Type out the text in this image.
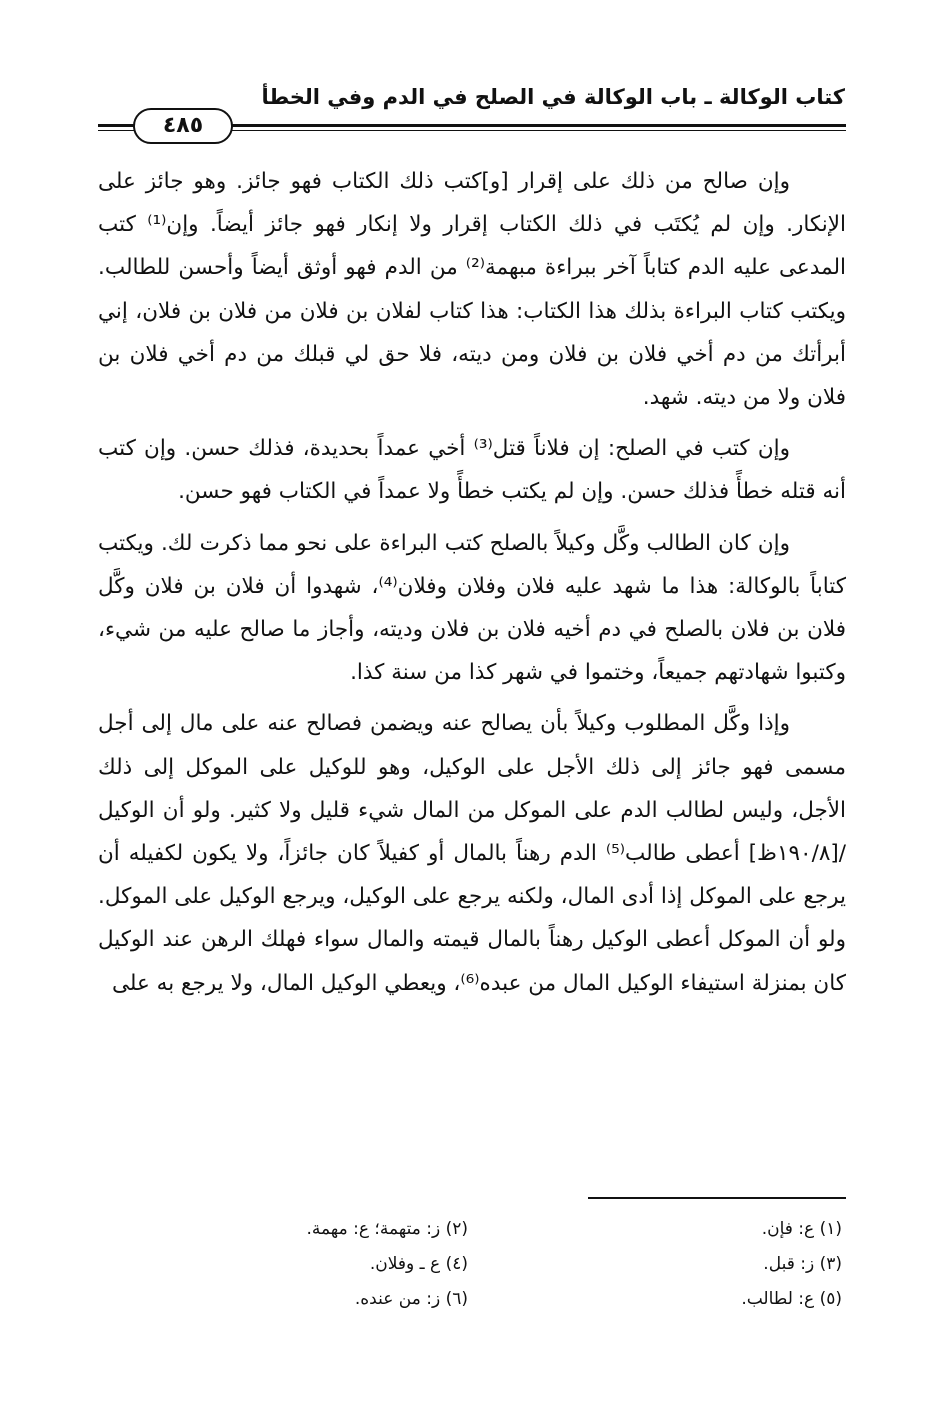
كتاب الوكالة ـ باب الوكالة في الصلح في الدم وفي الخطأ
٤٨٥

وإن صالح من ذلك على إقرار [و]كتب ذلك الكتاب فهو جائز. وهو جائز على الإنكار. وإن لم يُكتَب في ذلك الكتاب إقرار ولا إنكار فهو جائز أيضاً. وإن⁽¹⁾ كتب المدعى عليه الدم كتاباً آخر ببراءة مبهمة⁽²⁾ من الدم فهو أوثق أيضاً وأحسن للطالب. ويكتب كتاب البراءة بذلك هذا الكتاب: هذا كتاب لفلان بن فلان من فلان بن فلان، إني أبرأتك من دم أخي فلان بن فلان ومن ديته، فلا حق لي قبلك من دم أخي فلان بن فلان ولا من ديته. شهد.

وإن كتب في الصلح: إن فلاناً قتل⁽³⁾ أخي عمداً بحديدة، فذلك حسن. وإن كتب أنه قتله خطأً فذلك حسن. وإن لم يكتب خطأً ولا عمداً في الكتاب فهو حسن.

وإن كان الطالب وكَّل وكيلاً بالصلح كتب البراءة على نحو مما ذكرت لك. ويكتب كتاباً بالوكالة: هذا ما شهد عليه فلان وفلان وفلان⁽⁴⁾، شهدوا أن فلان بن فلان وكَّل فلان بن فلان بالصلح في دم أخيه فلان بن فلان وديته، وأجاز ما صالح عليه من شيء، وكتبوا شهادتهم جميعاً، وختموا في شهر كذا من سنة كذا.

وإذا وكَّل المطلوب وكيلاً بأن يصالح عنه ويضمن فصالح عنه على مال إلى أجل مسمى فهو جائز إلى ذلك الأجل على الوكيل، وهو للوكيل على الموكل إلى ذلك الأجل، وليس لطالب الدم على الموكل من المال شيء قليل ولا كثير. ولو أن الوكيل /[١٩٠/٨ظ] أعطى طالب⁽⁵⁾ الدم رهناً بالمال أو كفيلاً كان جائزاً، ولا يكون لكفيله أن يرجع على الموكل إذا أدى المال، ولكنه يرجع على الوكيل، ويرجع الوكيل على الموكل. ولو أن الموكل أعطى الوكيل رهناً بالمال قيمته والمال سواء فهلك الرهن عند الوكيل كان بمنزلة استيفاء الوكيل المال من عبده⁽⁶⁾، ويعطي الوكيل المال، ولا يرجع به على

(١) ع: فإن.
(٢) ز: متهمة؛ ع: مهمة.
(٣) ز: قبل.
(٤) ع ـ وفلان.
(٥) ع: لطالب.
(٦) ز: من عنده.
